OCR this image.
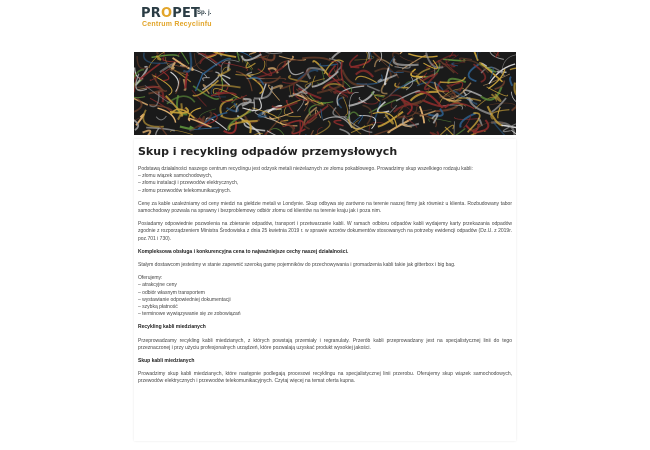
PROPET
Sp. j.
Centrum Recyclinfu
Skup i recykling odpadów przemysłowych

Podstawą działalności naszego centrum recyclingu jest odzysk metali nieżelaznych ze złomu pokablowego. Prowadzimy skup wszelkiego rodzaju kabli:

– złomu wiązek samochodowych,
– złomu instalacji i przewodów elektrycznych,
– złomu przewodów telekomunikacyjnych.

Cenę za kable uzależniamy od ceny miedzi na giełdzie metali w Londynie. Skup odbywa się zarówno na terenie naszej firmy jak również u klienta. Rozbudowany tabor samochodowy pozwala na sprawny i bezproblemowy odbiór złomu od klientów na terenie kraju jak i poza nim.

Posiadamy odpowiednie pozwolenia na zbieranie odpadów, transport i przetwarzanie kabli. W ramach odbioru odpadów kabli wydajemy karty przekazania odpadów zgodnie z rozporządzeniem Ministra Środowiska z dnia 25 kwietnia 2019 r. w sprawie wzorów dokumentów stosowanych na potrzeby ewidencji odpadów (Dz.U. z 2019r. poz.701 i 730).

Kompleksowa obsługa i konkurencyjna cena to najważniejsze cechy naszej działalności.

Stałym dostawcom jesteśmy w stanie zapewnić szeroką gamę pojemników do przechowywania i gromadzenia kabli takie jak gitterbox i big bag.

Oferujemy:
– atrakcyjne ceny
– odbiór własnym transportem
– wystawianie odpowiedniej dokumentacji
– szybką płatność
– terminowe wywiązywanie się ze zobowiązań
Recykling kabli miedzianych

Przeprowadzamy recykling kabli miedzianych, z których powstają przemiały i regranulaty. Przerób kabli przeprowadzany jest na specjalistycznej linii do tego przeznaczonej i przy użyciu profesjonalnych urządzeń, które pozwalają uzyskać produkt wysokiej jakości.

Skup kabli miedzianych

Prowadzimy skup kabli miedzianych, które następnie podlegają procesowi recyklingu na specjalistycznej linii przerobu. Oferujemy skup wiązek samochodowych, przewodów elektrycznych i przewodów telekomunikacyjnych. Czytaj więcej na temat oferta kupna.
